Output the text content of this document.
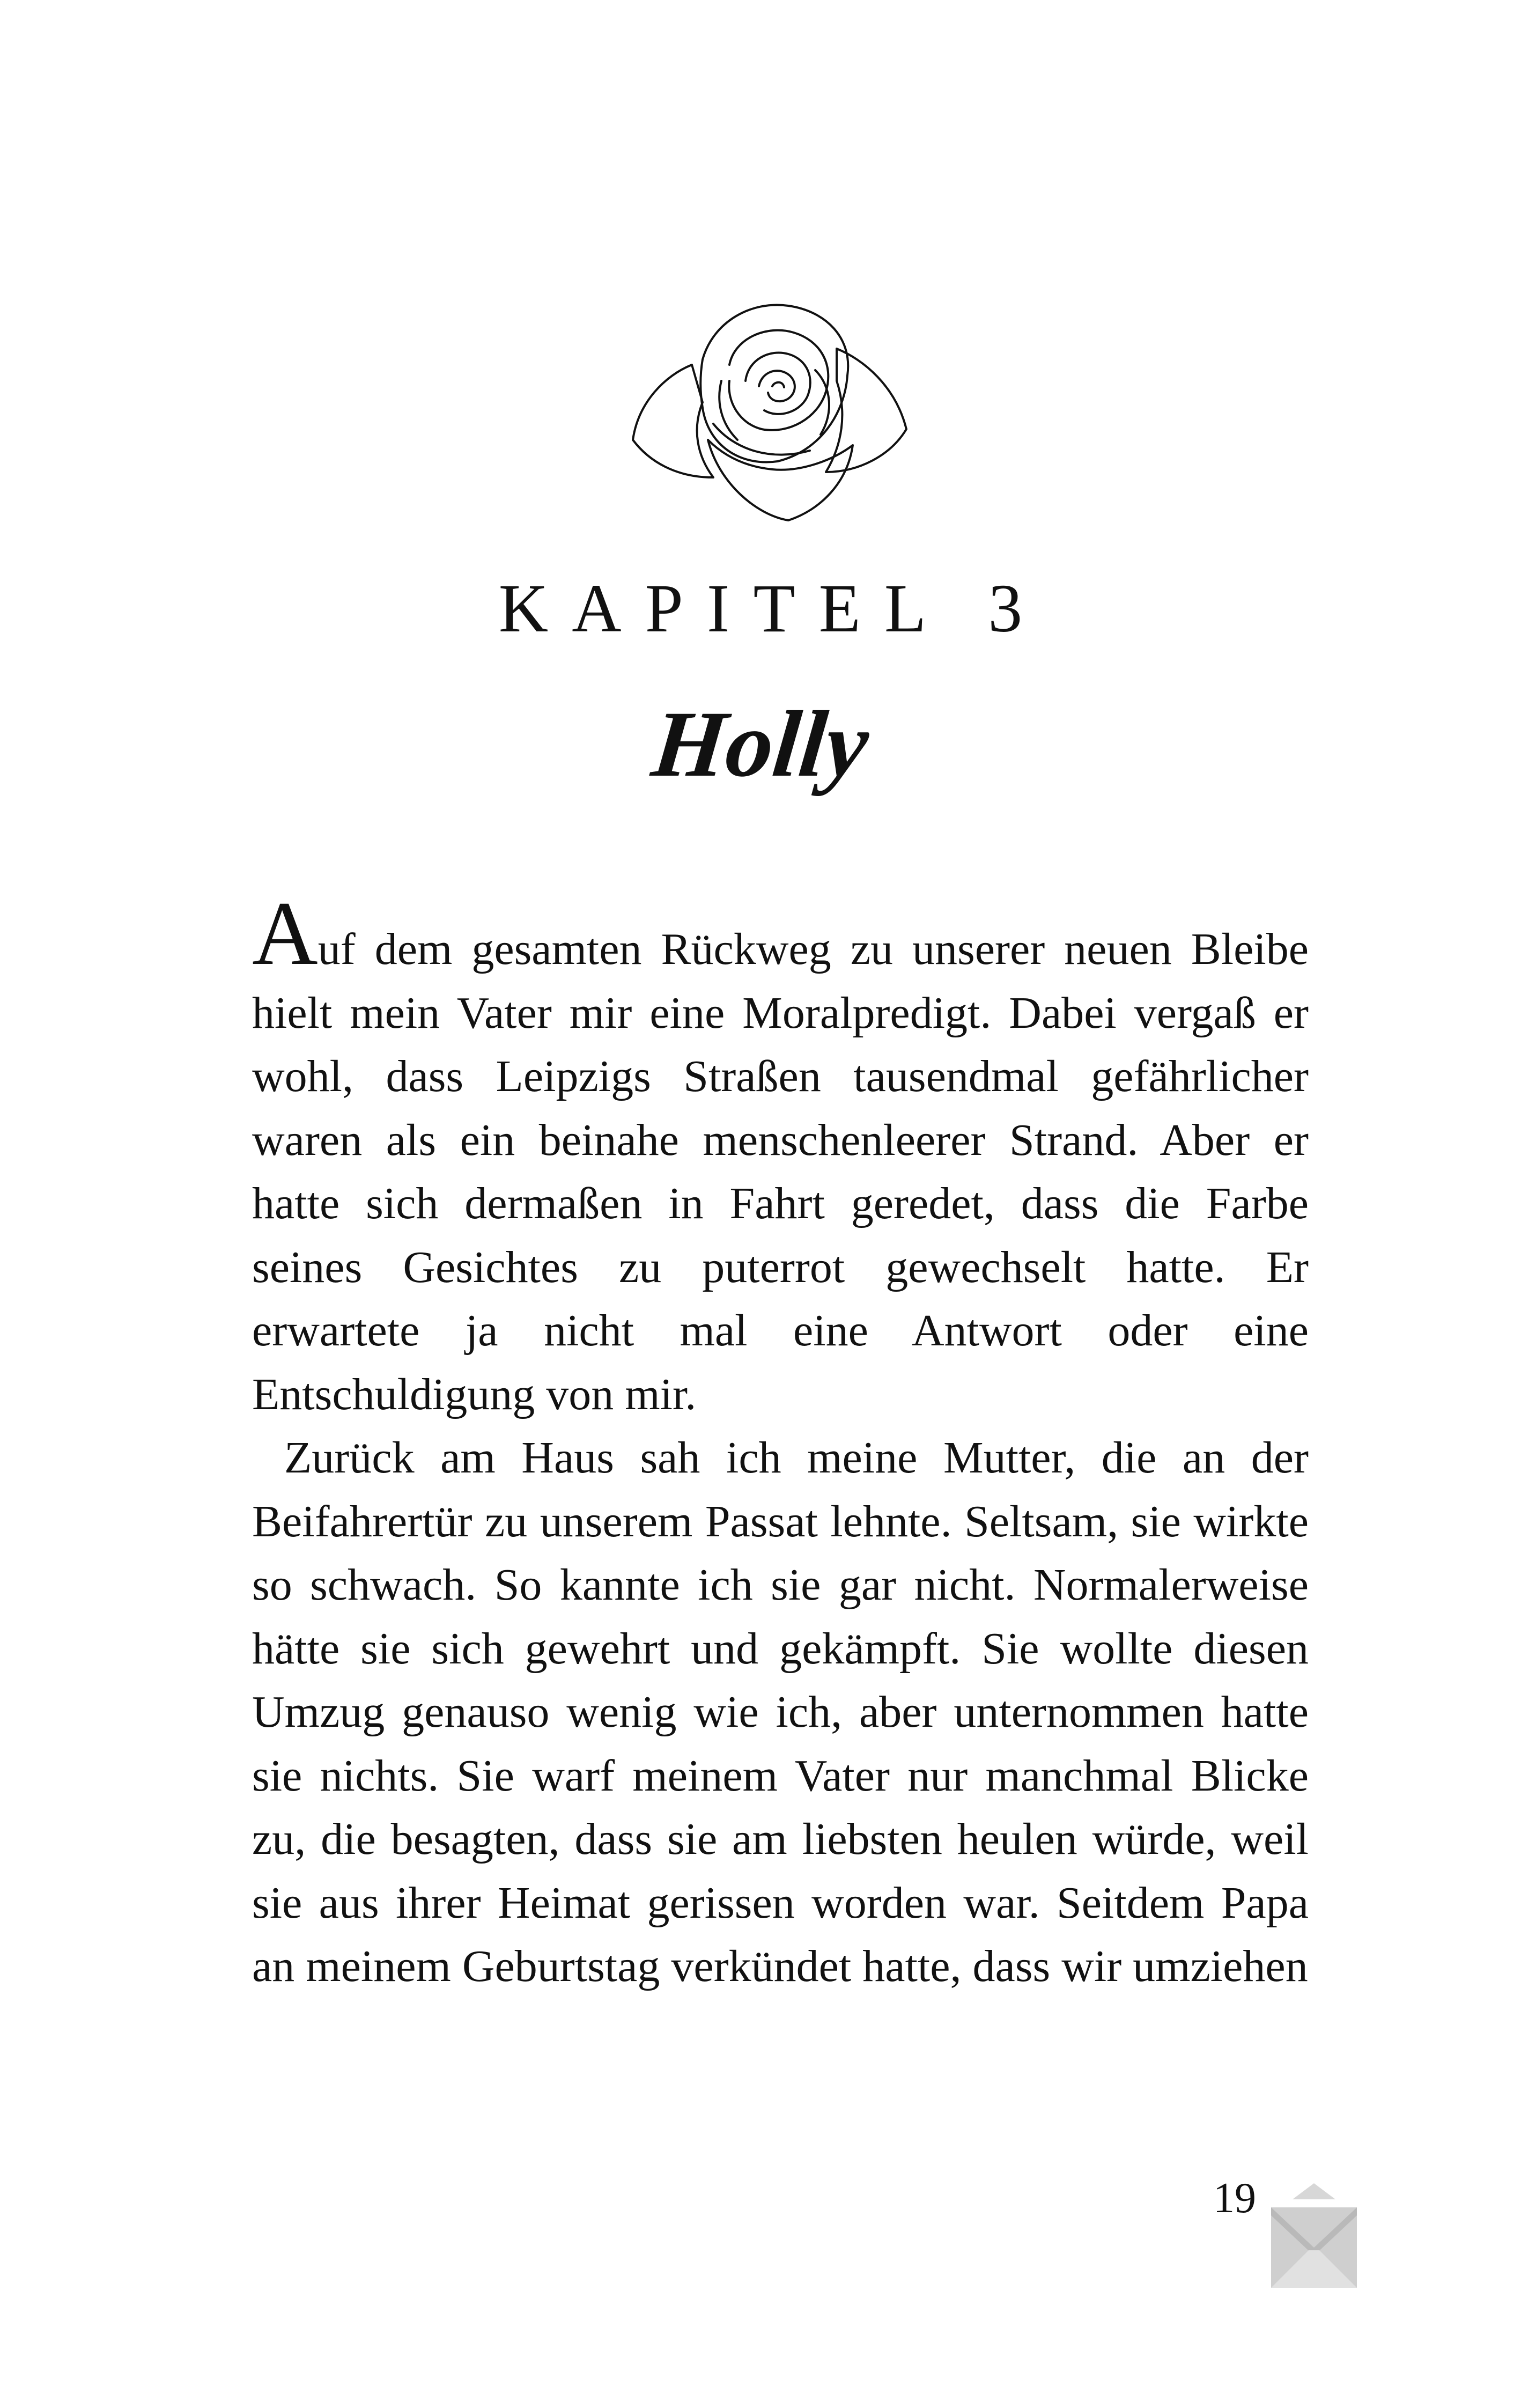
KAPITEL 3
Holly

Auf dem gesamten Rückweg zu unserer neuen Bleibe hielt mein Vater mir eine Moralpredigt. Dabei vergaß er wohl, dass Leipzigs Straßen tausendmal gefährlicher waren als ein beinahe menschenleerer Strand. Aber er hatte sich dermaßen in Fahrt geredet, dass die Farbe seines Gesichtes zu puterrot gewechselt hatte. Er erwartete ja nicht mal eine Antwort oder eine Entschuldigung von mir.

Zurück am Haus sah ich meine Mutter, die an der Beifahrertür zu unserem Passat lehnte. Seltsam, sie wirkte so schwach. So kannte ich sie gar nicht. Normalerweise hätte sie sich gewehrt und gekämpft. Sie wollte diesen Umzug genauso wenig wie ich, aber unternommen hatte sie nichts. Sie warf meinem Vater nur manchmal Blicke zu, die besagten, dass sie am liebsten heulen würde, weil sie aus ihrer Heimat gerissen worden war. Seitdem Papa an meinem Geburtstag verkündet hatte, dass wir umziehen

19
